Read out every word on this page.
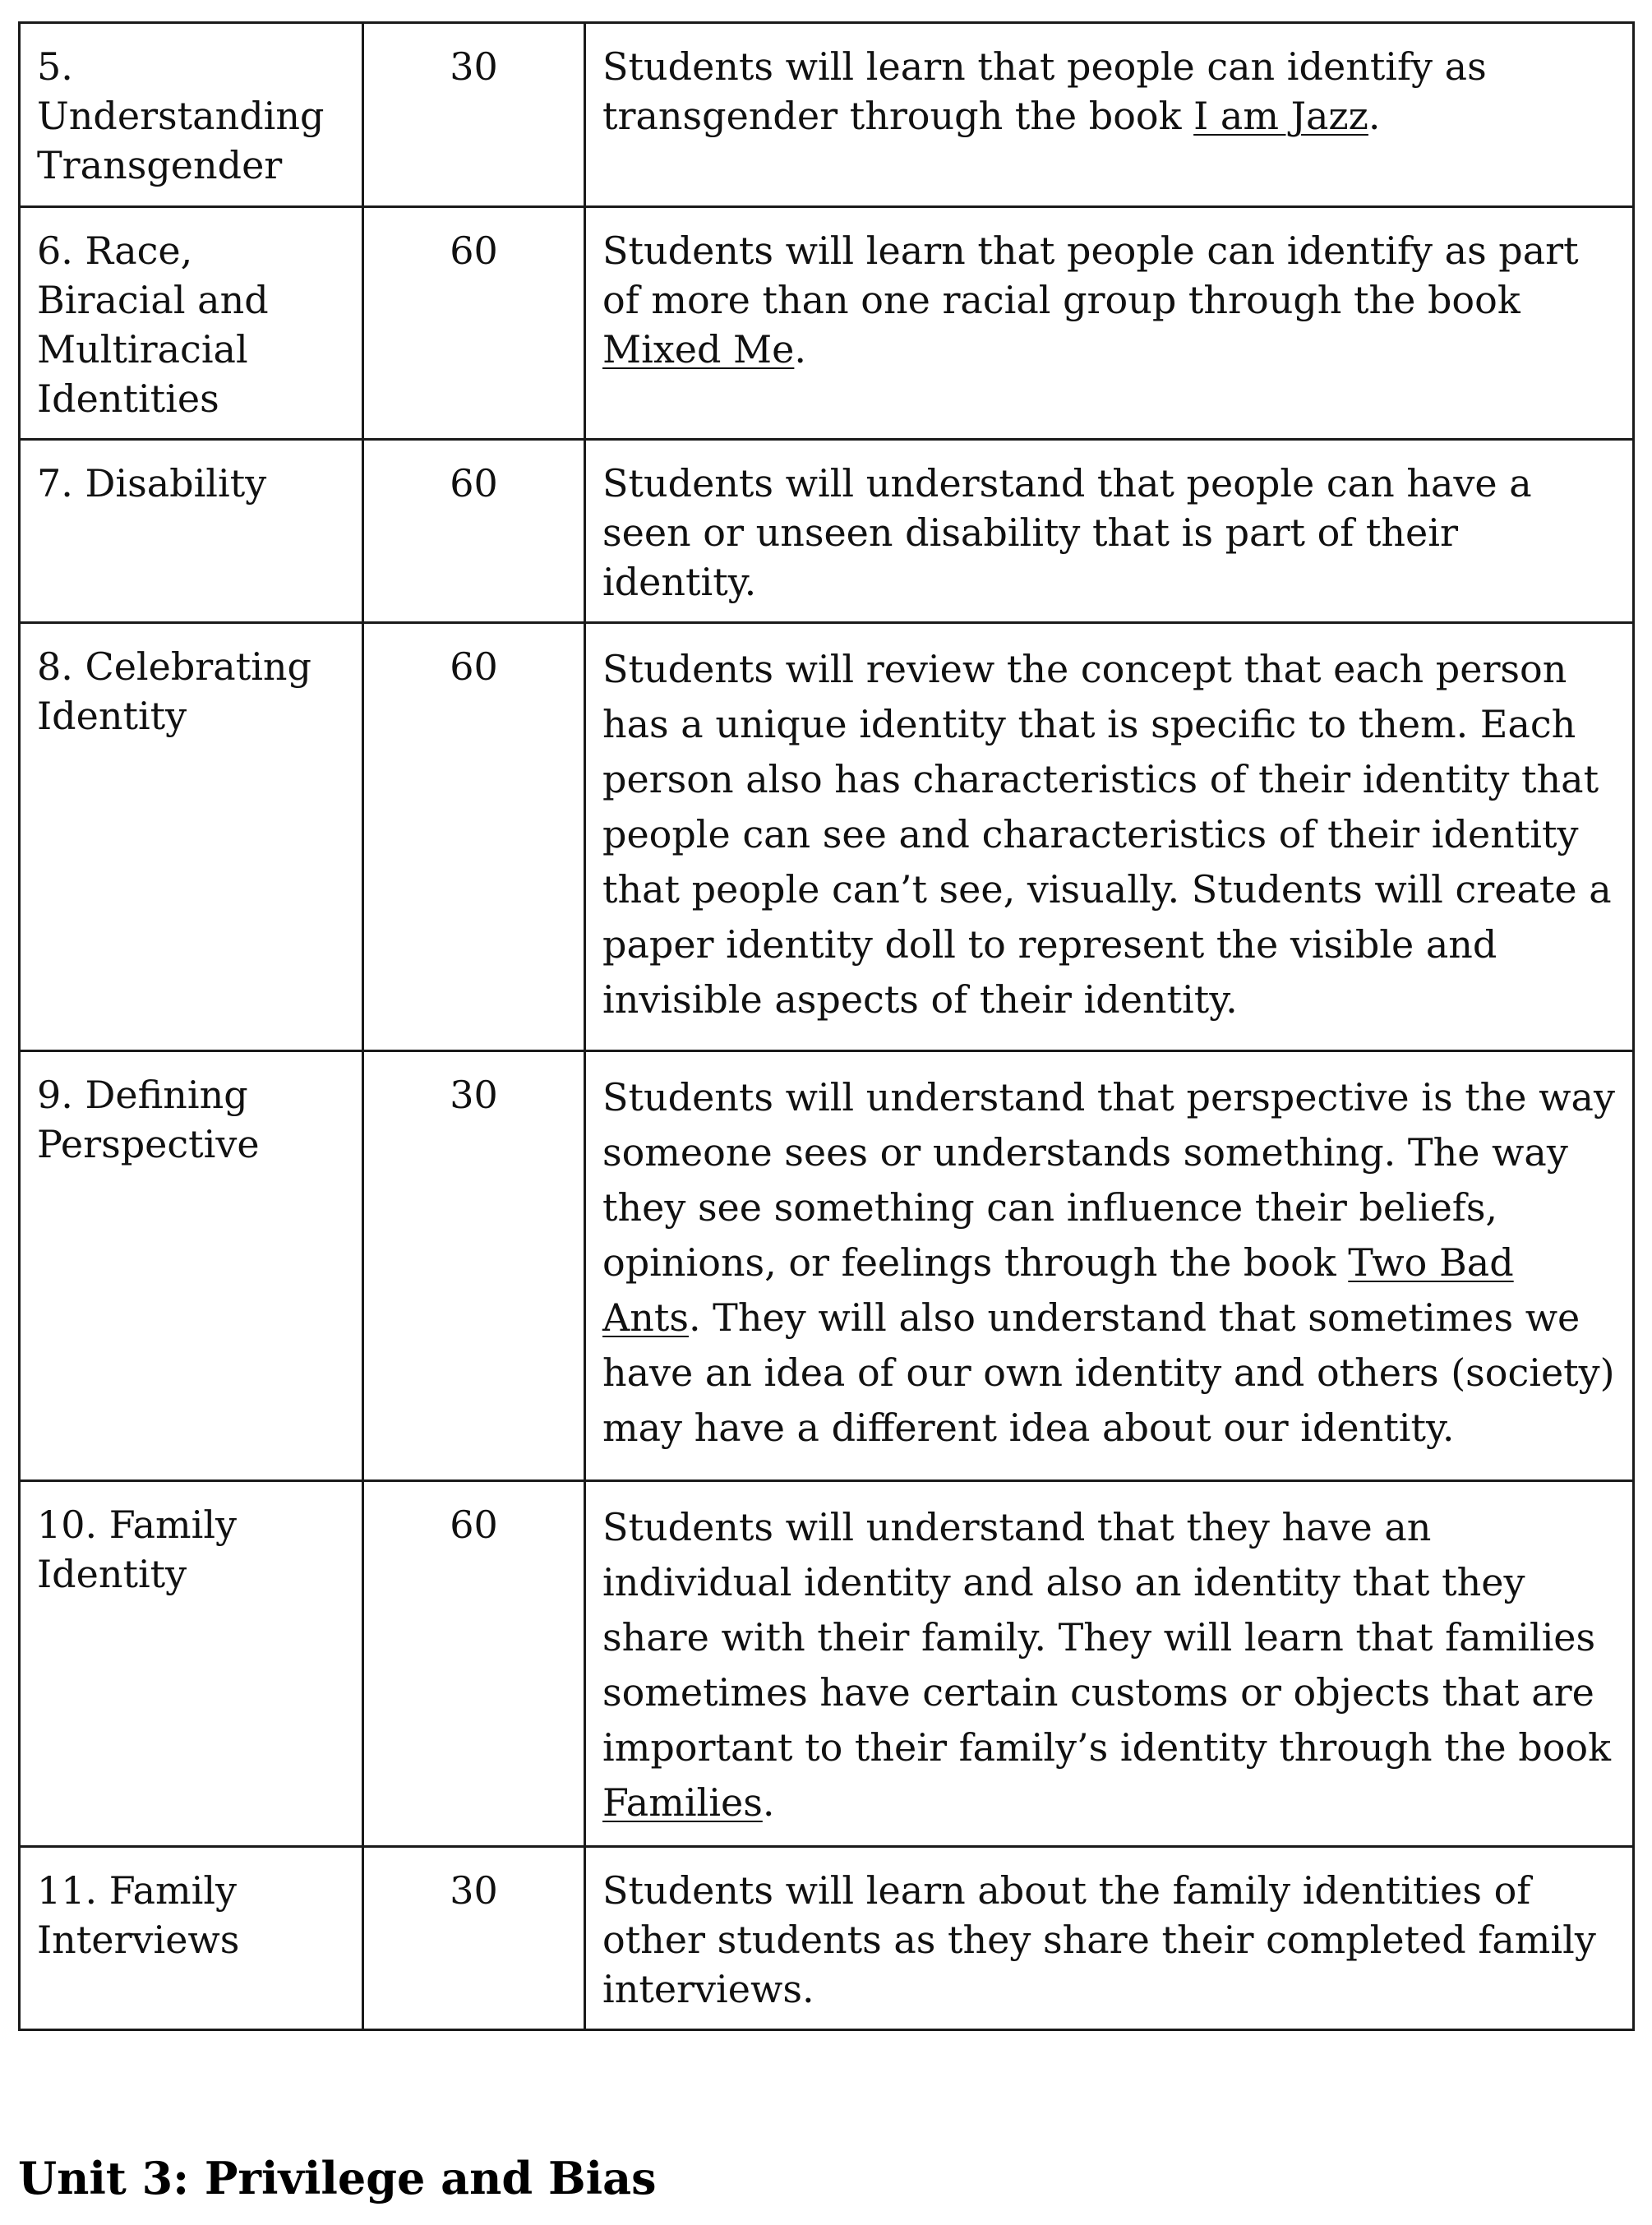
5. Understanding Transgender	30	Students will learn that people can identify as transgender through the book I am Jazz.
6. Race, Biracial and Multiracial Identities	60	Students will learn that people can identify as part of more than one racial group through the book Mixed Me.
7. Disability	60	Students will understand that people can have a seen or unseen disability that is part of their identity.
8. Celebrating Identity	60	Students will review the concept that each person has a unique identity that is specific to them. Each person also has characteristics of their identity that people can see and characteristics of their identity that people can’t see, visually. Students will create a paper identity doll to represent the visible and invisible aspects of their identity.
9. Defining Perspective	30	Students will understand that perspective is the way someone sees or understands something. The way they see something can influence their beliefs, opinions, or feelings through the book Two Bad Ants. They will also understand that sometimes we have an idea of our own identity and others (society) may have a different idea about our identity.
10. Family Identity	60	Students will understand that they have an individual identity and also an identity that they share with their family. They will learn that families sometimes have certain customs or objects that are important to their family’s identity through the book Families.
11. Family Interviews	30	Students will learn about the family identities of other students as they share their completed family interviews.
Unit 3: Privilege and Bias
